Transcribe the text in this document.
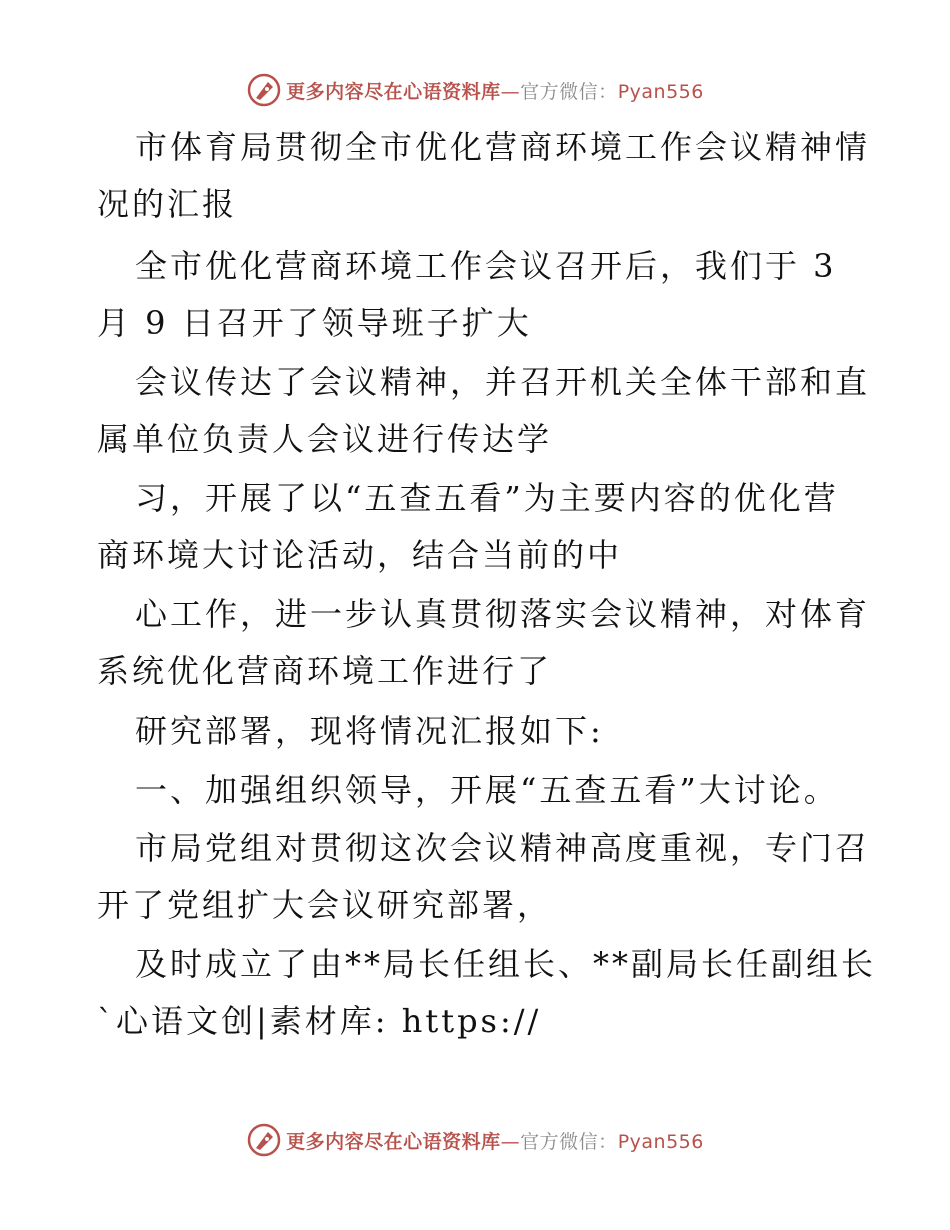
更多内容尽在心语资料库—官方微信：Pyan556
市体育局贯彻全市优化营商环境工作会议精神情
况的汇报
全市优化营商环境工作会议召开后，我们于 3
月 9 日召开了领导班子扩大
会议传达了会议精神，并召开机关全体干部和直
属单位负责人会议进行传达学
习，开展了以“五查五看”为主要内容的优化营
商环境大讨论活动，结合当前的中
心工作，进一步认真贯彻落实会议精神，对体育
系统优化营商环境工作进行了
研究部署，现将情况汇报如下:
一、加强组织领导，开展“五查五看”大讨论。
市局党组对贯彻这次会议精神高度重视，专门召
开了党组扩大会议研究部署，
及时成立了由**局长任组长、**副局长任副组长
`心语文创|素材库: https://
更多内容尽在心语资料库—官方微信：Pyan556
